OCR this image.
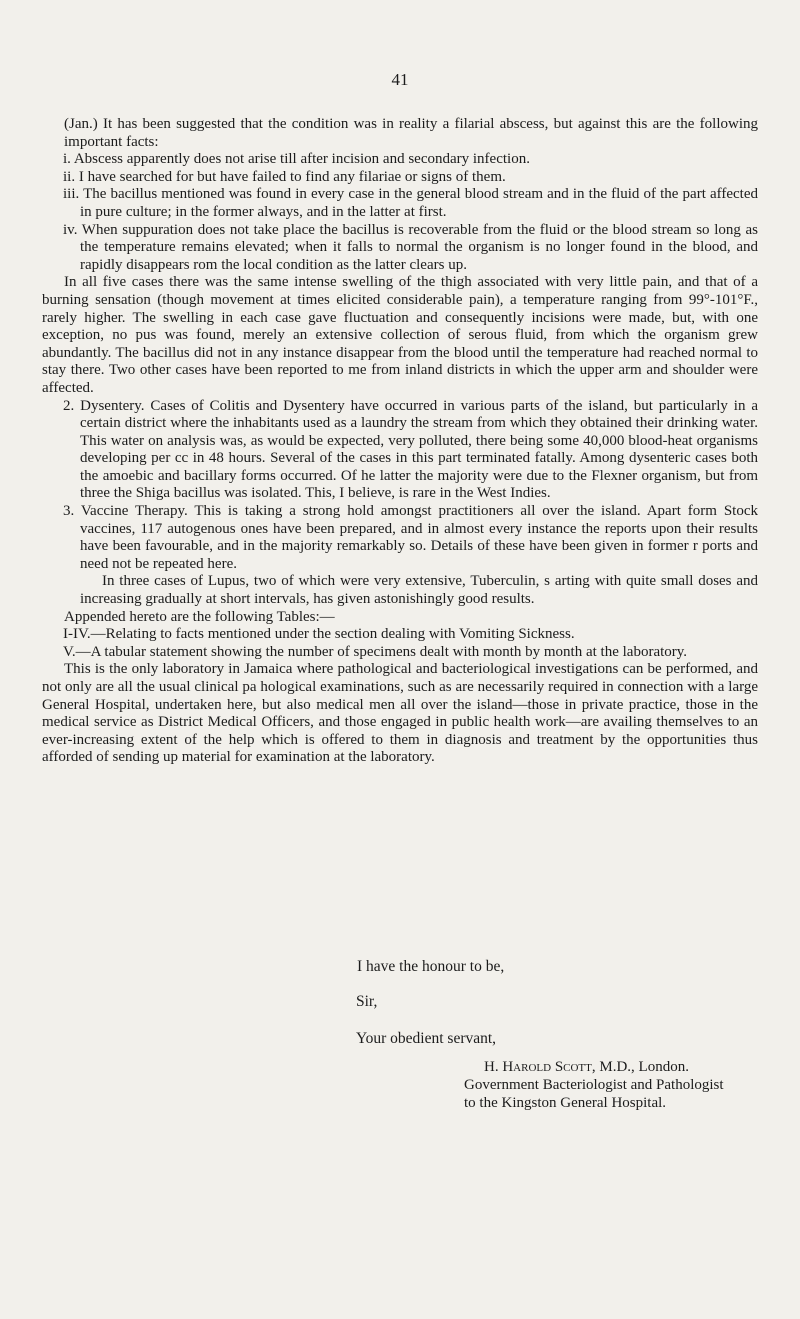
41

(Jan.) It has been suggested that the condition was in reality a filarial abscess, but against this are the following important facts:

i. Abscess apparently does not arise till after incision and secondary infection.

ii. I have searched for but have failed to find any filariae or signs of them.

iii. The bacillus mentioned was found in every case in the general blood stream and in the fluid of the part affected in pure culture; in the former always, and in the latter at first.

iv. When suppuration does not take place the bacillus is recoverable from the fluid or the blood stream so long as the temperature remains elevated; when it falls to normal the organism is no longer found in the blood, and rapidly disappears rom the local condition as the latter clears up.

In all five cases there was the same intense swelling of the thigh associated with very little pain, and that of a burning sensation (though movement at times elicited considerable pain), a temperature ranging from 99°-101°F., rarely higher. The swelling in each case gave fluctuation and consequently incisions were made, but, with one exception, no pus was found, merely an extensive collection of serous fluid, from which the organism grew abundantly. The bacillus did not in any instance disappear from the blood until the temperature had reached normal to stay there. Two other cases have been reported to me from inland districts in which the upper arm and shoulder were affected.

2. Dysentery. Cases of Colitis and Dysentery have occurred in various parts of the island, but particularly in a certain district where the inhabitants used as a laundry the stream from which they obtained their drinking water. This water on analysis was, as would be expected, very polluted, there being some 40,000 blood-heat organisms developing per cc in 48 hours. Several of the cases in this part terminated fatally. Among dysenteric cases both the amoebic and bacillary forms occurred. Of he latter the majority were due to the Flexner organism, but from three the Shiga bacillus was isolated. This, I believe, is rare in the West Indies.

3. Vaccine Therapy. This is taking a strong hold amongst practitioners all over the island. Apart form Stock vaccines, 117 autogenous ones have been prepared, and in almost every instance the reports upon their results have been favourable, and in the majority remarkably so. Details of these have been given in former r ports and need not be repeated here.

In three cases of Lupus, two of which were very extensive, Tuberculin, s arting with quite small doses and increasing gradually at short intervals, has given astonishingly good results.

Appended hereto are the following Tables:—

I-IV.—Relating to facts mentioned under the section dealing with Vomiting Sickness.

V.—A tabular statement showing the number of specimens dealt with month by month at the laboratory.

This is the only laboratory in Jamaica where pathological and bacteriological investigations can be performed, and not only are all the usual clinical pa hological examinations, such as are necessarily required in connection with a large General Hospital, undertaken here, but also medical men all over the island—those in private practice, those in the medical service as District Medical Officers, and those engaged in public health work—are availing themselves to an ever-increasing extent of the help which is offered to them in diagnosis and treatment by the opportunities thus afforded of sending up material for examination at the laboratory.

I have the honour to be,
Sir,
Your obedient servant,
H. Harold Scott, M.D., London.
Government Bacteriologist and Pathologist
to the Kingston General Hospital.
